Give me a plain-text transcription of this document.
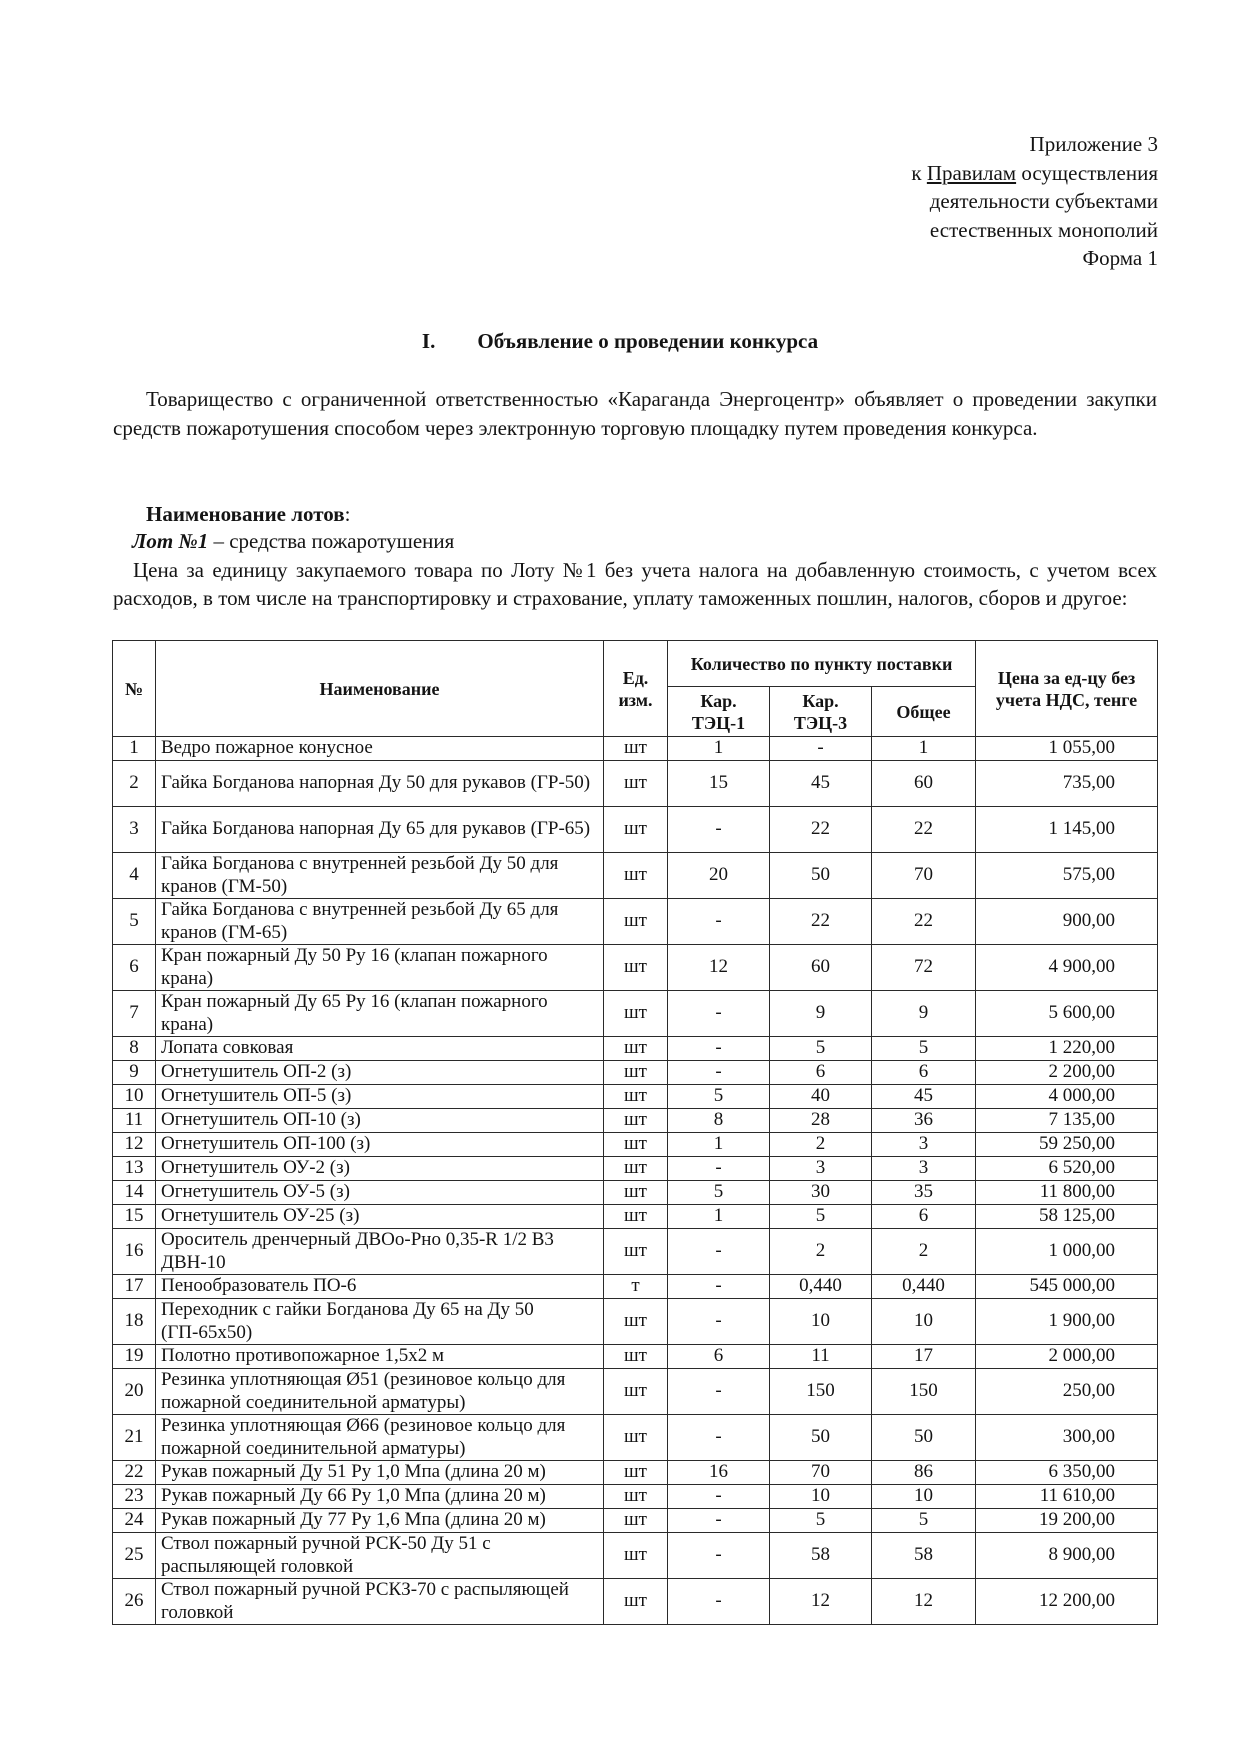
Приложение 3
к Правилам осуществления
деятельности субъектами
естественных монополий
Форма 1
I. Объявление о проведении конкурса

Товарищество с ограниченной ответственностью «Караганда Энергоцентр» объявляет о проведении закупки средств пожаротушения способом через электронную торговую площадку путем проведения конкурса.

Наименование лотов:
Лот №1 – средства пожаротушения

Цена за единицу закупаемого товара по Лоту №1 без учета налога на добавленную стоимость, с учетом всех расходов, в том числе на транспортировку и страхование, уплату таможенных пошлин, налогов, сборов и другое:

№	Наименование	Ед. изм.	Количество по пункту поставки			Цена за ед-цу без учета НДС, тенге
			Кар. ТЭЦ-1	Кар. ТЭЦ-3	Общее	
1	Ведро пожарное конусное	шт	1	-	1	1 055,00
2	Гайка Богданова напорная Ду 50 для рукавов (ГР-50)	шт	15	45	60	735,00
3	Гайка Богданова напорная Ду 65 для рукавов (ГР-65)	шт	-	22	22	1 145,00
4	Гайка Богданова с внутренней резьбой Ду 50 для кранов (ГМ-50)	шт	20	50	70	575,00
5	Гайка Богданова с внутренней резьбой Ду 65 для кранов (ГМ-65)	шт	-	22	22	900,00
6	Кран пожарный Ду 50 Ру 16 (клапан пожарного крана)	шт	12	60	72	4 900,00
7	Кран пожарный Ду 65 Ру 16 (клапан пожарного крана)	шт	-	9	9	5 600,00
8	Лопата совковая	шт	-	5	5	1 220,00
9	Огнетушитель ОП-2 (з)	шт	-	6	6	2 200,00
10	Огнетушитель ОП-5 (з)	шт	5	40	45	4 000,00
11	Огнетушитель ОП-10 (з)	шт	8	28	36	7 135,00
12	Огнетушитель ОП-100 (з)	шт	1	2	3	59 250,00
13	Огнетушитель ОУ-2 (з)	шт	-	3	3	6 520,00
14	Огнетушитель ОУ-5 (з)	шт	5	30	35	11 800,00
15	Огнетушитель ОУ-25 (з)	шт	1	5	6	58 125,00
16	Ороситель дренчерный ДВОо-Рно 0,35-R 1/2 В3 ДВН-10	шт	-	2	2	1 000,00
17	Пенообразователь ПО-6	т	-	0,440	0,440	545 000,00
18	Переходник с гайки Богданова Ду 65 на Ду 50 (ГП-65х50)	шт	-	10	10	1 900,00
19	Полотно противопожарное 1,5х2 м	шт	6	11	17	2 000,00
20	Резинка уплотняющая Ø51 (резиновое кольцо для пожарной соединительной арматуры)	шт	-	150	150	250,00
21	Резинка уплотняющая Ø66 (резиновое кольцо для пожарной соединительной арматуры)	шт	-	50	50	300,00
22	Рукав пожарный Ду 51 Ру 1,0 Мпа (длина 20 м)	шт	16	70	86	6 350,00
23	Рукав пожарный Ду 66 Ру 1,0 Мпа (длина 20 м)	шт	-	10	10	11 610,00
24	Рукав пожарный Ду 77 Ру 1,6 Мпа (длина 20 м)	шт	-	5	5	19 200,00
25	Ствол пожарный ручной РСК-50 Ду 51 с распыляющей головкой	шт	-	58	58	8 900,00
26	Ствол пожарный ручной РСКЗ-70 с распыляющей головкой	шт	-	12	12	12 200,00
